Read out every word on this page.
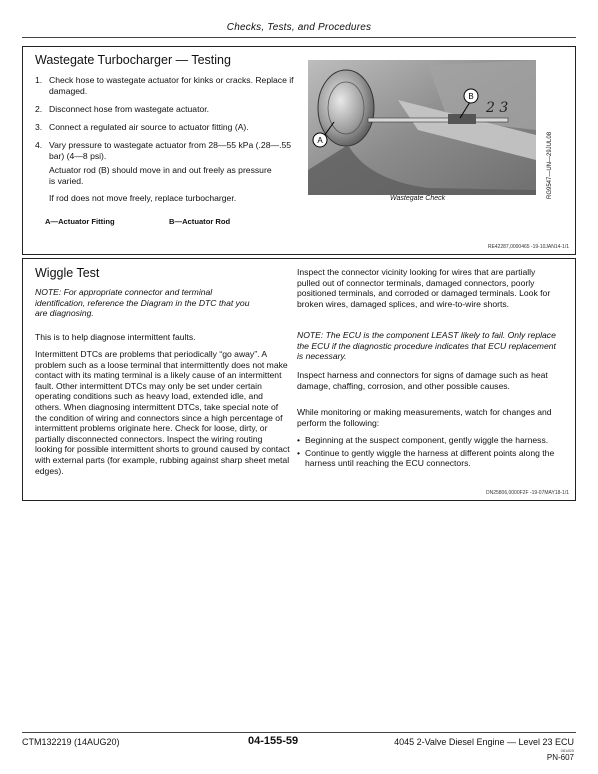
Checks, Tests, and Procedures
Wastegate Turbocharger — Testing
1. Check hose to wastegate actuator for kinks or cracks. Replace if damaged.
2. Disconnect hose from wastegate actuator.
3. Connect a regulated air source to actuator fitting (A).
4. Vary pressure to wastegate actuator from 28—55 kPa (.28—.55 bar) (4—8 psi).
Actuator rod (B) should move in and out freely as pressure is varied.
If rod does not move freely, replace turbocharger.
A—Actuator Fitting	B—Actuator Rod
Wastegate Check	RG9547—UN—29JUL08
RE42287,0000465 -19-10JAN14-1/1
A
B
2 3
Wiggle Test

NOTE: For appropriate connector and terminal identification, reference the Diagram in the DTC that you are diagnosing.

This is to help diagnose intermittent faults.

Intermittent DTCs are problems that periodically “go away”. A problem such as a loose terminal that intermittently does not make contact with its mating terminal is a likely cause of an intermittent fault. Other intermittent DTCs may only be set under certain operating conditions such as heavy load, extended idle, and others. When diagnosing intermittent DTCs, take special note of the condition of wiring and connectors since a high percentage of intermittent problems originate here. Check for loose, dirty, or partially disconnected connectors. Inspect the wiring routing looking for possible intermittent shorts to ground caused by contact with external parts (for example, rubbing against sharp sheet metal edges).

Inspect the connector vicinity looking for wires that are partially pulled out of connector terminals, damaged connectors, poorly positioned terminals, and corroded or damaged terminals. Look for broken wires, damaged splices, and wire-to-wire shorts.

NOTE: The ECU is the component LEAST likely to fail. Only replace the ECU if the diagnostic procedure indicates that ECU replacement is necessary.

Inspect harness and connectors for signs of damage such as heat damage, chaffing, corrosion, and other possible causes.

While monitoring or making measurements, watch for changes and perform the following:

• Beginning at the suspect component, gently wiggle the harness.
• Continue to gently wiggle the harness at different points along the harness until reaching the ECU connectors.
DN25806,0000F2F -19-07MAY18-1/1
CTM132219 (14AUG20)	04-155-59	4045 2-Valve Diesel Engine — Level 23 ECU
081820
PN-607
